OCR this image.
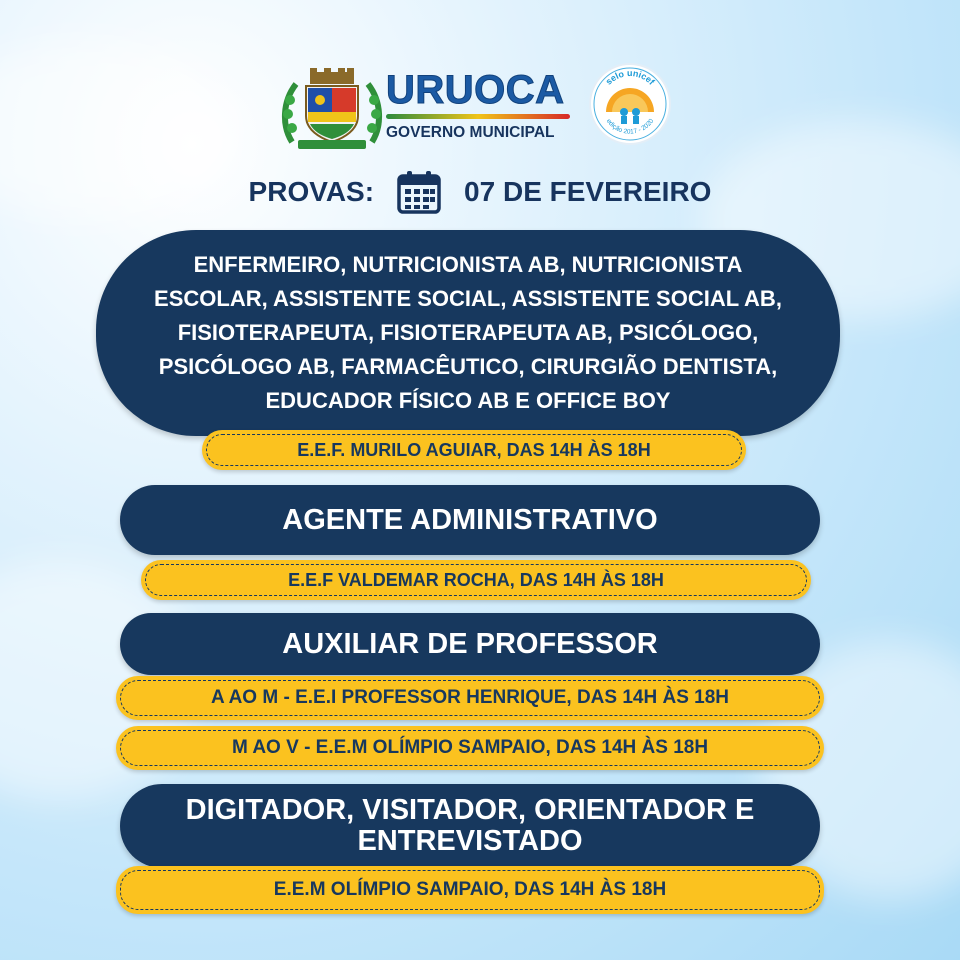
URUOCA
GOVERNO MUNICIPAL
selo unicef
edição 2017 - 2020
PROVAS:	07 DE FEVEREIRO
ENFERMEIRO, NUTRICIONISTA AB, NUTRICIONISTA ESCOLAR, ASSISTENTE SOCIAL, ASSISTENTE SOCIAL AB, FISIOTERAPEUTA, FISIOTERAPEUTA AB, PSICÓLOGO, PSICÓLOGO AB, FARMACÊUTICO, CIRURGIÃO DENTISTA, EDUCADOR FÍSICO AB E OFFICE BOY
E.E.F. MURILO AGUIAR, DAS 14H ÀS 18H
AGENTE ADMINISTRATIVO
E.E.F VALDEMAR ROCHA, DAS 14H ÀS 18H
AUXILIAR DE PROFESSOR
A AO M - E.E.I PROFESSOR HENRIQUE, DAS 14H ÀS 18H
M AO V - E.E.M OLÍMPIO SAMPAIO, DAS 14H ÀS 18H
DIGITADOR, VISITADOR, ORIENTADOR E ENTREVISTADO
E.E.M OLÍMPIO SAMPAIO, DAS 14H ÀS 18H
